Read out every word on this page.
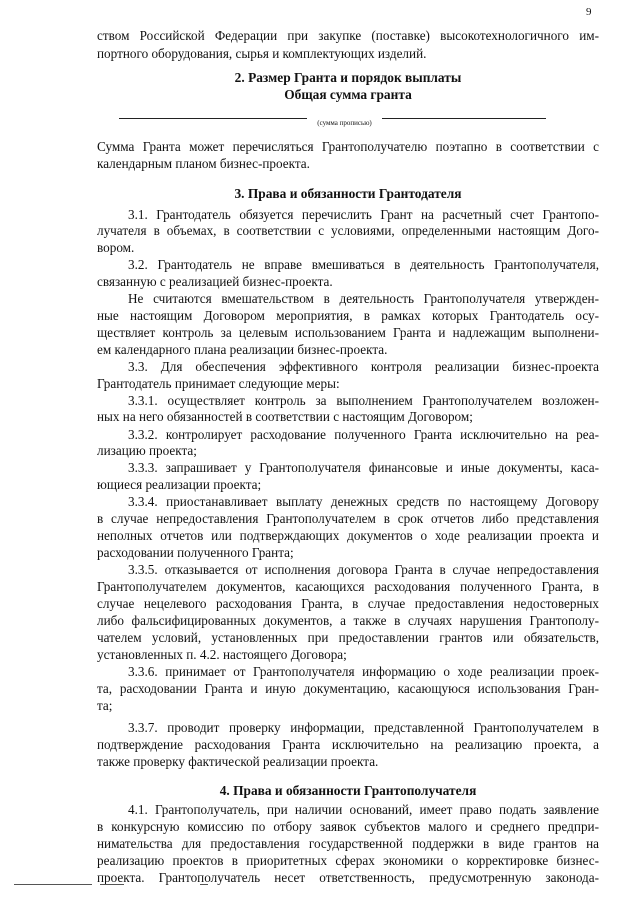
9
ством Российской Федерации при закупке (поставке) высокотехнологичного им-
портного оборудования, сырья и комплектующих изделий.
2. Размер Гранта и порядок выплаты
Общая сумма гранта
(сумма прописью)
Сумма Гранта может перечисляться Грантополучателю поэтапно в соответствии с
календарным планом бизнес-проекта.
3. Права и обязанности Грантодателя
3.1. Грантодатель обязуется перечислить Грант на расчетный счет Грантопо-
лучателя в объемах, в соответствии с условиями, определенными настоящим Дого-
вором.
3.2. Грантодатель не вправе вмешиваться в деятельность Грантополучателя,
связанную с реализацией бизнес-проекта.
Не считаются вмешательством в деятельность Грантополучателя утвержден-
ные настоящим Договором мероприятия, в рамках которых Грантодатель осу-
ществляет контроль за целевым использованием Гранта и надлежащим выполнени-
ем календарного плана реализации бизнес-проекта.
3.3. Для обеспечения эффективного контроля реализации бизнес-проекта
Грантодатель принимает следующие меры:
3.3.1. осуществляет контроль за выполнением Грантополучателем возложен-
ных на него обязанностей в соответствии с настоящим Договором;
3.3.2. контролирует расходование полученного Гранта исключительно на реа-
лизацию проекта;
3.3.3. запрашивает у Грантополучателя финансовые и иные документы, каса-
ющиеся реализации проекта;
3.3.4. приостанавливает выплату денежных средств по настоящему Договору
в случае непредоставления Грантополучателем в срок отчетов либо представления
неполных отчетов или подтверждающих документов о ходе реализации проекта и
расходовании полученного Гранта;
3.3.5. отказывается от исполнения договора Гранта в случае непредоставления
Грантополучателем документов, касающихся расходования полученного Гранта, в
случае нецелевого расходования Гранта, в случае предоставления недостоверных
либо фальсифицированных документов, а также в случаях нарушения Грантополу-
чателем условий, установленных при предоставлении грантов или обязательств,
установленных п. 4.2. настоящего Договора;
3.3.6. принимает от Грантополучателя информацию о ходе реализации проек-
та, расходовании Гранта и иную документацию, касающуюся использования Гран-
та;
3.3.7. проводит проверку информации, представленной Грантополучателем в
подтверждение расходования Гранта исключительно на реализацию проекта, а
также проверку фактической реализации проекта.
4. Права и обязанности Грантополучателя
4.1. Грантополучатель, при наличии оснований, имеет право подать заявление
в конкурсную комиссию по отбору заявок субъектов малого и среднего предпри-
нимательства для предоставления государственной поддержки в виде грантов на
реализацию проектов в приоритетных сферах экономики о корректировке бизнес-
проекта. Грантополучатель несет ответственность, предусмотренную законода-
